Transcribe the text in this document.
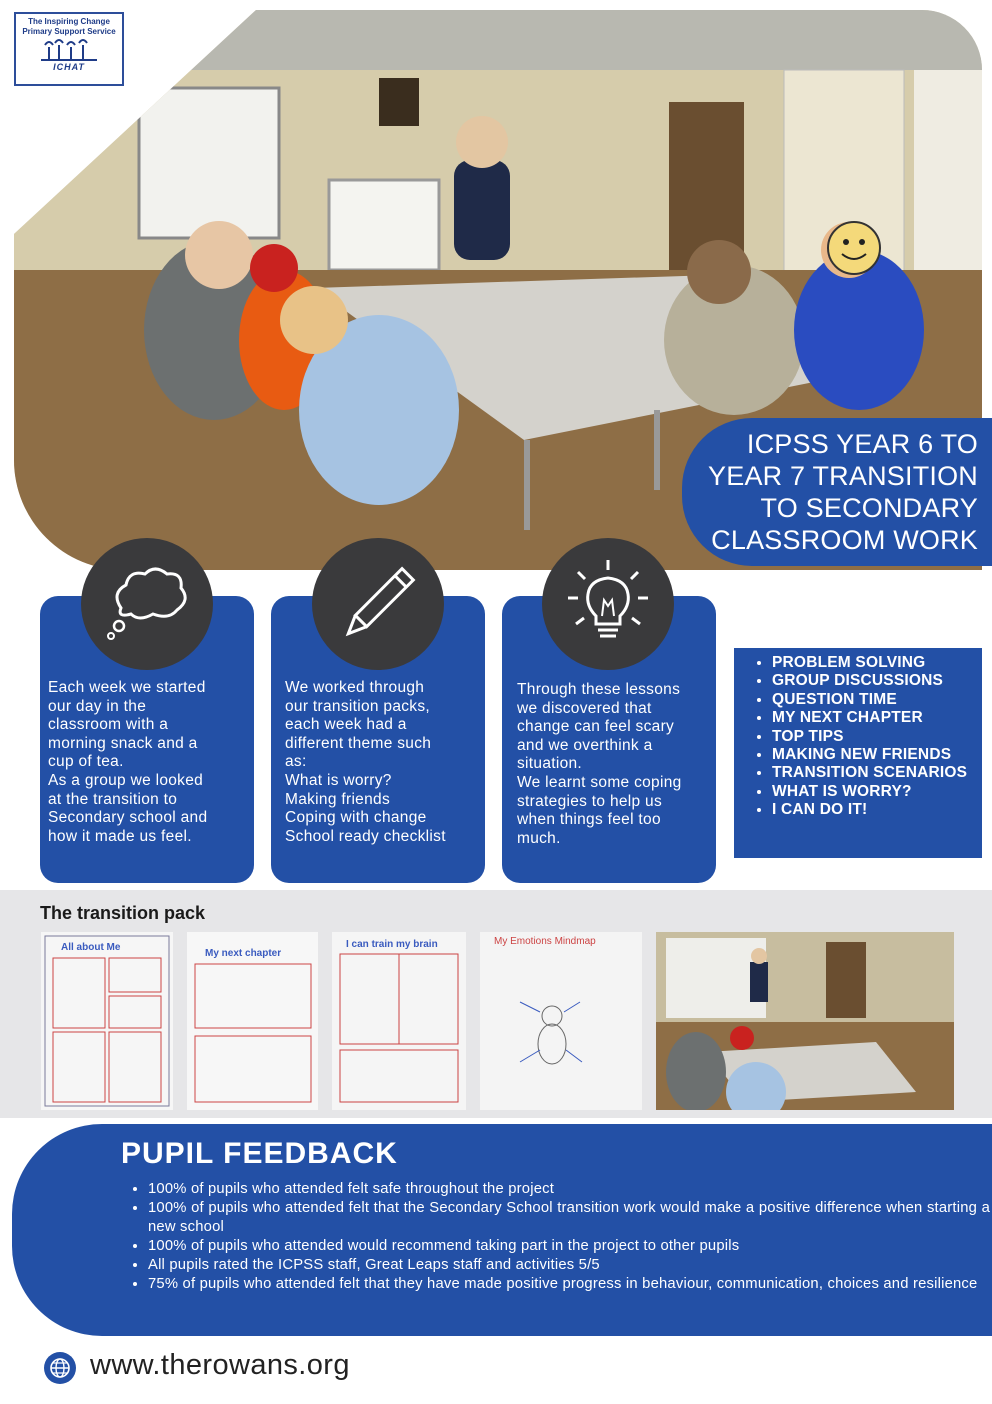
The Inspiring Change
Primary Support Service
ICHAT
ICPSS YEAR 6 TO
YEAR 7 TRANSITION
TO SECONDARY
CLASSROOM WORK
Each week we started
our day in the
classroom with a
morning snack and a
cup of tea.
As a group we looked
at the transition to
Secondary school and
how it made us feel.
We worked through
our transition packs,
each week had a
different theme such
as:
What is worry?
Making friends
Coping with change
School ready checklist
Through these lessons
we discovered that
change can feel scary
and we overthink a
situation.
We learnt some coping
strategies to help us
when things feel too
much.
• PROBLEM SOLVING
• GROUP DISCUSSIONS
• QUESTION TIME
• MY NEXT CHAPTER
• TOP TIPS
• MAKING NEW FRIENDS
• TRANSITION SCENARIOS
• WHAT IS WORRY?
• I CAN DO IT!
The transition pack
All about Me
My next chapter
I can train my brain	My Emotions Mindmap
PUPIL FEEDBACK
• 100% of pupils who attended felt safe throughout the project
• 100% of pupils who attended felt that the Secondary School transition work would make a positive difference when starting a new school
• 100% of pupils who attended would recommend taking part in the project to other pupils
• All pupils rated the ICPSS staff, Great Leaps staff and activities 5/5
• 75% of pupils who attended felt that they have made positive progress in behaviour, communication, choices and resilience
www.therowans.org
